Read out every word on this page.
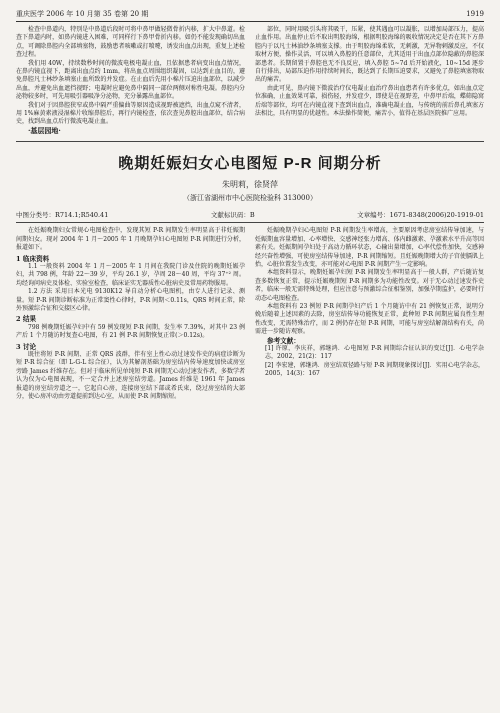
重庆医学 2006 年 10 月第 35 卷第 20 期	1919

检查中鼻道内，特别是中鼻道后段时可将中鼻甲做轻微骨折内移，扩大中鼻道。检查下鼻道内时，如鼻内镜进入困难，可同样行下鼻甲骨折内移。如仍不能发现确切出血点，可调除鼻腔内全部填塞物，鼓励患者咳嗽或打喷嚏，诱发出血点出现，重复上述检查过程。

我们用 40W，持续数秒时间的微波电极电凝止血，且依据患者病变出血点情况，在鼻内镜直视下，距离出血点约 1mm，将出血点周围组织凝固，以达到止血目的，避免鼻腔凡士林纱条填塞止血所致的并发症。在止血后先用小棉片压迫出血部位，以减少出血，并避免出血遮挡视野；电凝时应避免鼻中隔同一部位两侧对称性电凝。鼻腔内分泌物较多时，可先用吸引器吸净分泌物，充分暴露出血部位。

我们对于因鼻腔狭窄或鼻中隔严重偏曲等原因造成视野被遮挡，出血点窥不清者，用 1%麻黄素液浸湿棉片收缩鼻腔后，再行内镜检查，依次查见鼻腔出血部位，结合病史，找到出血点后行微波电凝止血。

·基层园地·

部位，同时用吸引头将其吸干，压紧，使其遇血可以凝胀，以增加局部压力，提高止血作用。出血停止后不取出明胶海绵，根据明胶海绵的吸收情况决定是否在其下方鼻腔内于以凡士林油纱条填塞支撑。由于明胶海绵柔软，无刺激，无异物刺激反应，不仅取材方便，操作灵活，可以填入鼻腔的任意部位，尤其适用于出血点部位隐蔽的鼻腔深部患者。长期留置于鼻腔也无不良反应，填入鼻腔 5~7d 后开始液化，10~15d 逐步自行排出，局部压迫作用持续时间长，既达到了长期压迫要求，又避免了鼻腔填塞物取出的痛苦。

由此可见，鼻内镜下微波治疗仪电凝止血治疗鼻出血患者有许多优点，如出血点定位准确，止血效果可靠，损伤轻，并发症少，即使是在视野差，中鼻甲后端，蝶筛隐窝后端等部位，均可在内镜直视下查到出血点，准确电凝止血，与传统的前后鼻孔填塞方法相比，具有明显的优越性。本法操作简便，痛苦小，值得在基层医院推广应用。

晚期妊娠妇女心电图短 P-R 间期分析
朱明莉，徐贤萍
（浙江省湖州市中心医院检验科 313000）
中图分类号：R714.1;R540.41	文献标识码：B	文章编号：1671-8348(2006)20-1919-01

在妊娠晚期妇女常规心电图检查中，发现其短 P-R 间期发生率明显高于非妊娠期间期妇女。现对 2004 年 1 月～2005 年 1 月晚期孕妇心电图短 P-R 间期进行分析，报道如下。

1 临床资料

1.1 一般资料 2004 年 1 月～2005 年 1 月间在我院门诊及住院的晚期妊娠孕妇，共 798 例，年龄 22～39 岁，平均 26.1 岁，孕周 28～40 周，平均 37⁺² 周。均经询问病史及体检、实验室检查，临床证实无器质性心脏病史及常用药物服用。

1.2 方法 采用日本光电 9130K12 导自动分析心电图机，由专人进行记录、测量。短 P-R 间期诊断标准为正常窦性心律时，P-R 间期＜0.11s，QRS 时间正常，除外预激综合征和交接区心律。

2 结果

798 例晚期妊娠孕妇中有 59 例发现短 P-R 间期，发生率 7.39%，对其中 23 例产后 1 个月随访时复查心电图，有 21 例 P-R 间期恢复正常(＞0.12s)。

3 讨论

既往将短 P-R 间期、正常 QRS 波群，伴有室上性心动过速发作史的病症诊断为短 P-R 综合征（即 L-G-L 综合征），认为其解剖基础为房室结内传导速度加快或房室旁路 James 纤维存在。但对于临床所见单纯短 P-R 间期无心动过速发作者，多数学者认为仅为心电图表现，不一定合并上述房室结旁道。James 纤维是 1961 年 James 报道的房室结旁道之一，它起自心房，连接房室结下部或希氏束，绕过房室结的大部分，使心房冲动由旁道提前到达心室，从而使 P-R 间期缩短。

妊娠晚期孕妇心电图短 P-R 间期发生率增高，主要原因考虑房室结传导加速，与妊娠期血容量增加、心率增快、交感神经张力增高、体内雌激素、孕激素水平升高等因素有关。妊娠期间孕妇处于高动力循环状态，心输出量增加，心率代偿性加快，交感神经兴奋性增强，可使房室结传导加速，P-R 间期缩短。且妊娠晚期增大的子宫使膈肌上抬，心脏位置发生改变，亦可能对心电图 P-R 间期产生一定影响。

本组资料显示，晚期妊娠孕妇短 P-R 间期发生率明显高于一般人群，产后随访复查多数恢复正常，提示妊娠晚期短 P-R 间期多为功能性改变。对于无心动过速发作史者，临床一般无需特殊处理，但应注意与预激综合征相鉴别，加强孕期监护，必要时行动态心电图检查。

本组资料有 23 例短 P-R 间期孕妇产后 1 个月随访中有 21 例恢复正常，说明分娩后随着上述因素的去除，房室结传导功能恢复正常，此种短 P-R 间期应属良性生理性改变，无需特殊治疗，而 2 例仍存在短 P-R 间期，可能与房室结解剖结构有关，尚需进一步随访观察。

参考文献：

[1] 许原，李庆祥，郭继鸿．心电图短 P-R 间期综合征认识的变迁[J]．心电学杂志，2002，21(2)：117

[2] 李宏建，郭继鸿．房室结双径路与短 P-R 间期现象探讨[J]．实用心电学杂志，2005，14(3)：167
